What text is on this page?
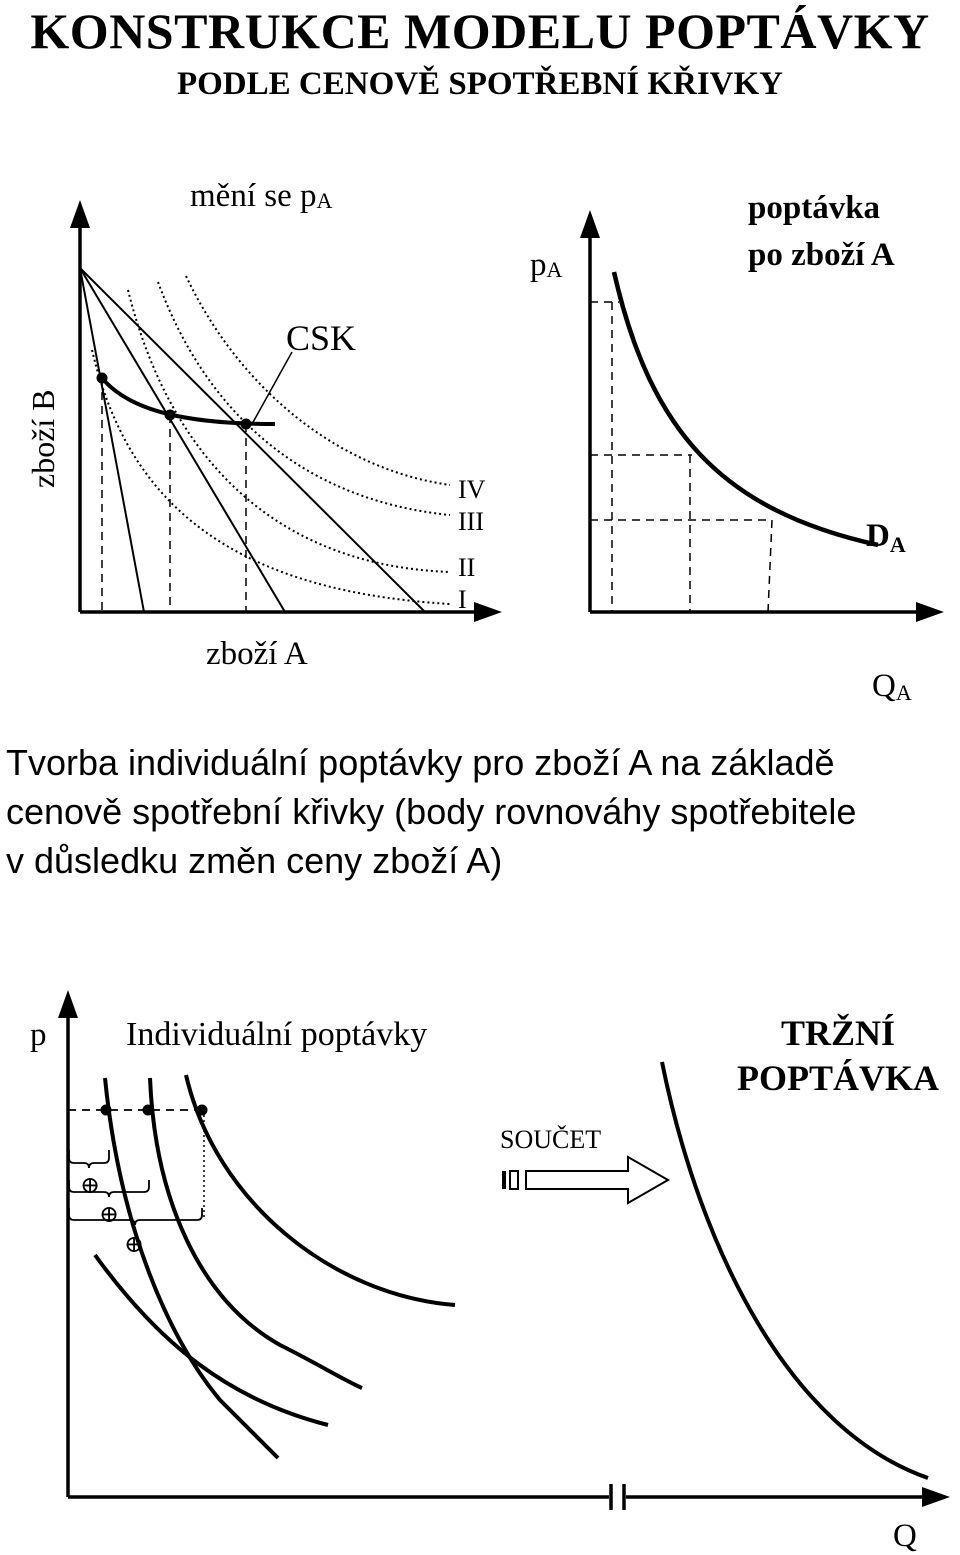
KONSTRUKCE MODELU POPTÁVKY
PODLE CENOVĚ SPOTŘEBNÍ KŘIVKY
mění se pA
zboží B
zboží A
CSK
IV
III
II
I
pA
poptávka
po zboží A
DA
QA
⊕
⊕
⊕
p Individuální poptávky
SOUČET
TRŽNÍ
POPTÁVKA
Q
Tvorba individuální poptávky pro zboží A na základě
cenově spotřební křivky (body rovnováhy spotřebitele
v důsledku změn ceny zboží A)
